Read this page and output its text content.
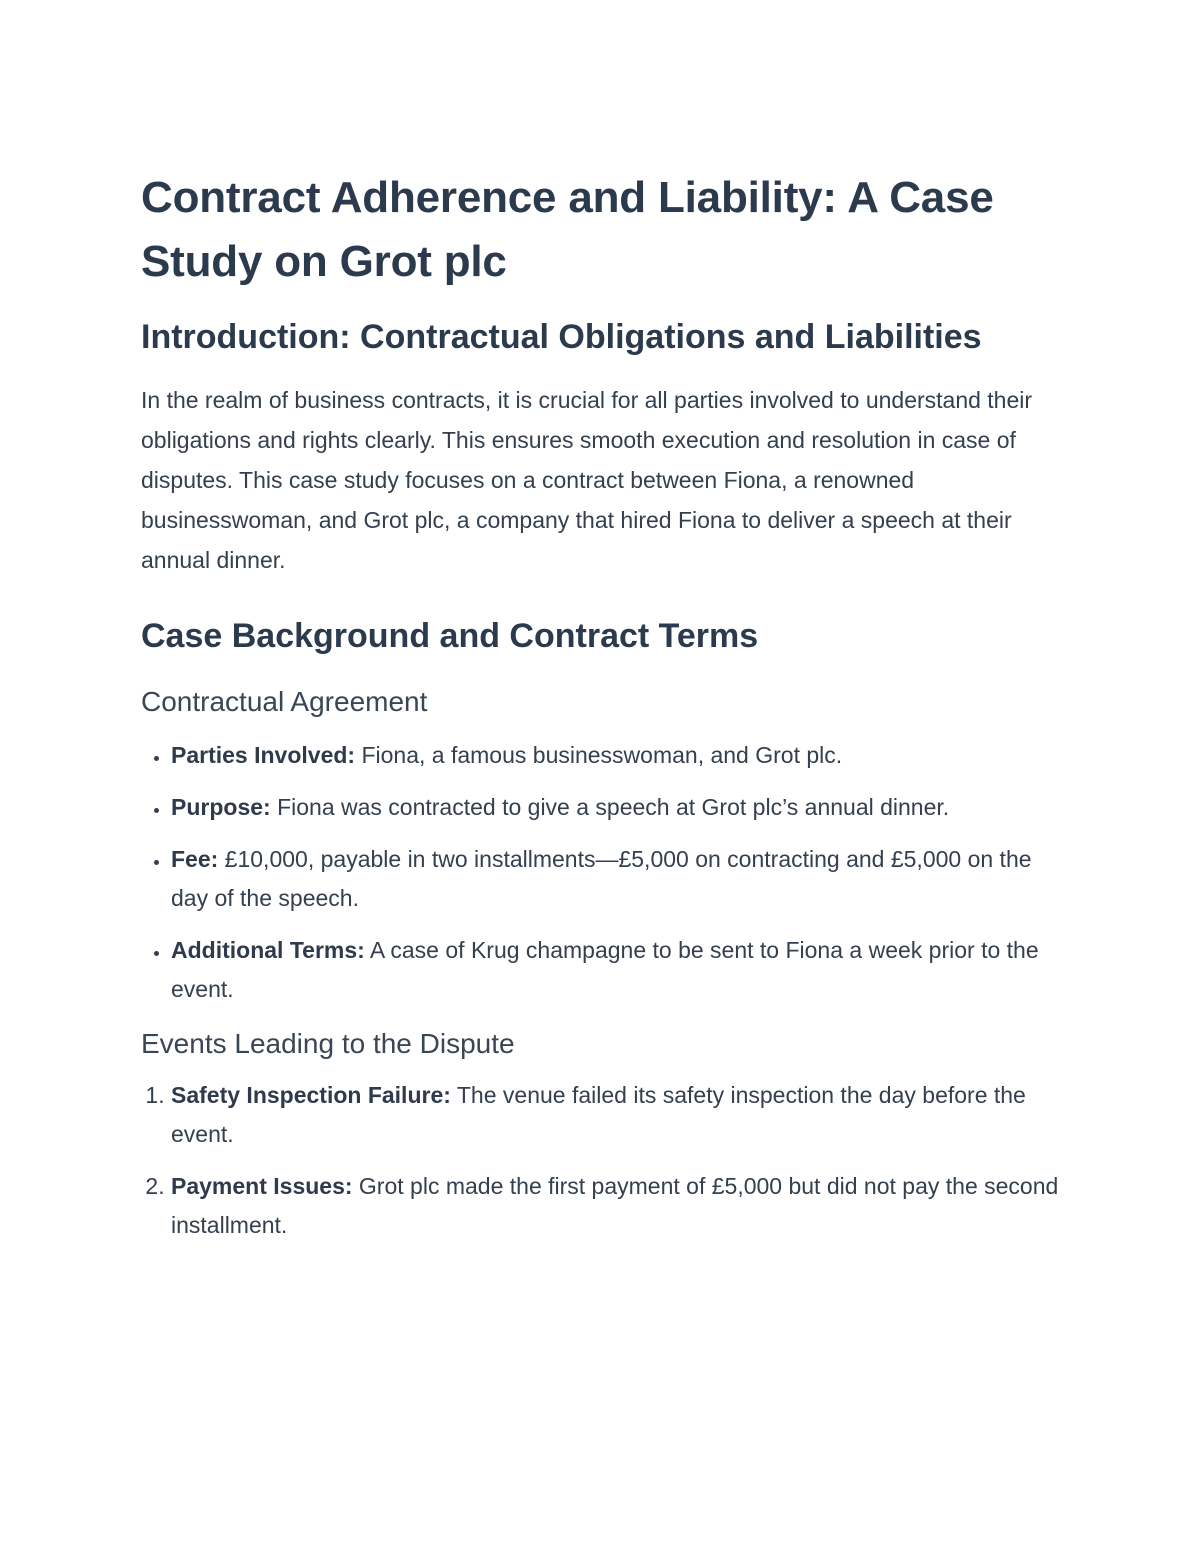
Contract Adherence and Liability: A Case Study on Grot plc
Introduction: Contractual Obligations and Liabilities

In the realm of business contracts, it is crucial for all parties involved to understand their obligations and rights clearly. This ensures smooth execution and resolution in case of disputes. This case study focuses on a contract between Fiona, a renowned businesswoman, and Grot plc, a company that hired Fiona to deliver a speech at their annual dinner.

Case Background and Contract Terms
Contractual Agreement
• Parties Involved: Fiona, a famous businesswoman, and Grot plc.
• Purpose: Fiona was contracted to give a speech at Grot plc’s annual dinner.
• Fee: £10,000, payable in two installments—£5,000 on contracting and £5,000 on the day of the speech.
• Additional Terms: A case of Krug champagne to be sent to Fiona a week prior to the event.
Events Leading to the Dispute
1. Safety Inspection Failure: The venue failed its safety inspection the day before the event.
2. Payment Issues: Grot plc made the first payment of £5,000 but did not pay the second installment.
